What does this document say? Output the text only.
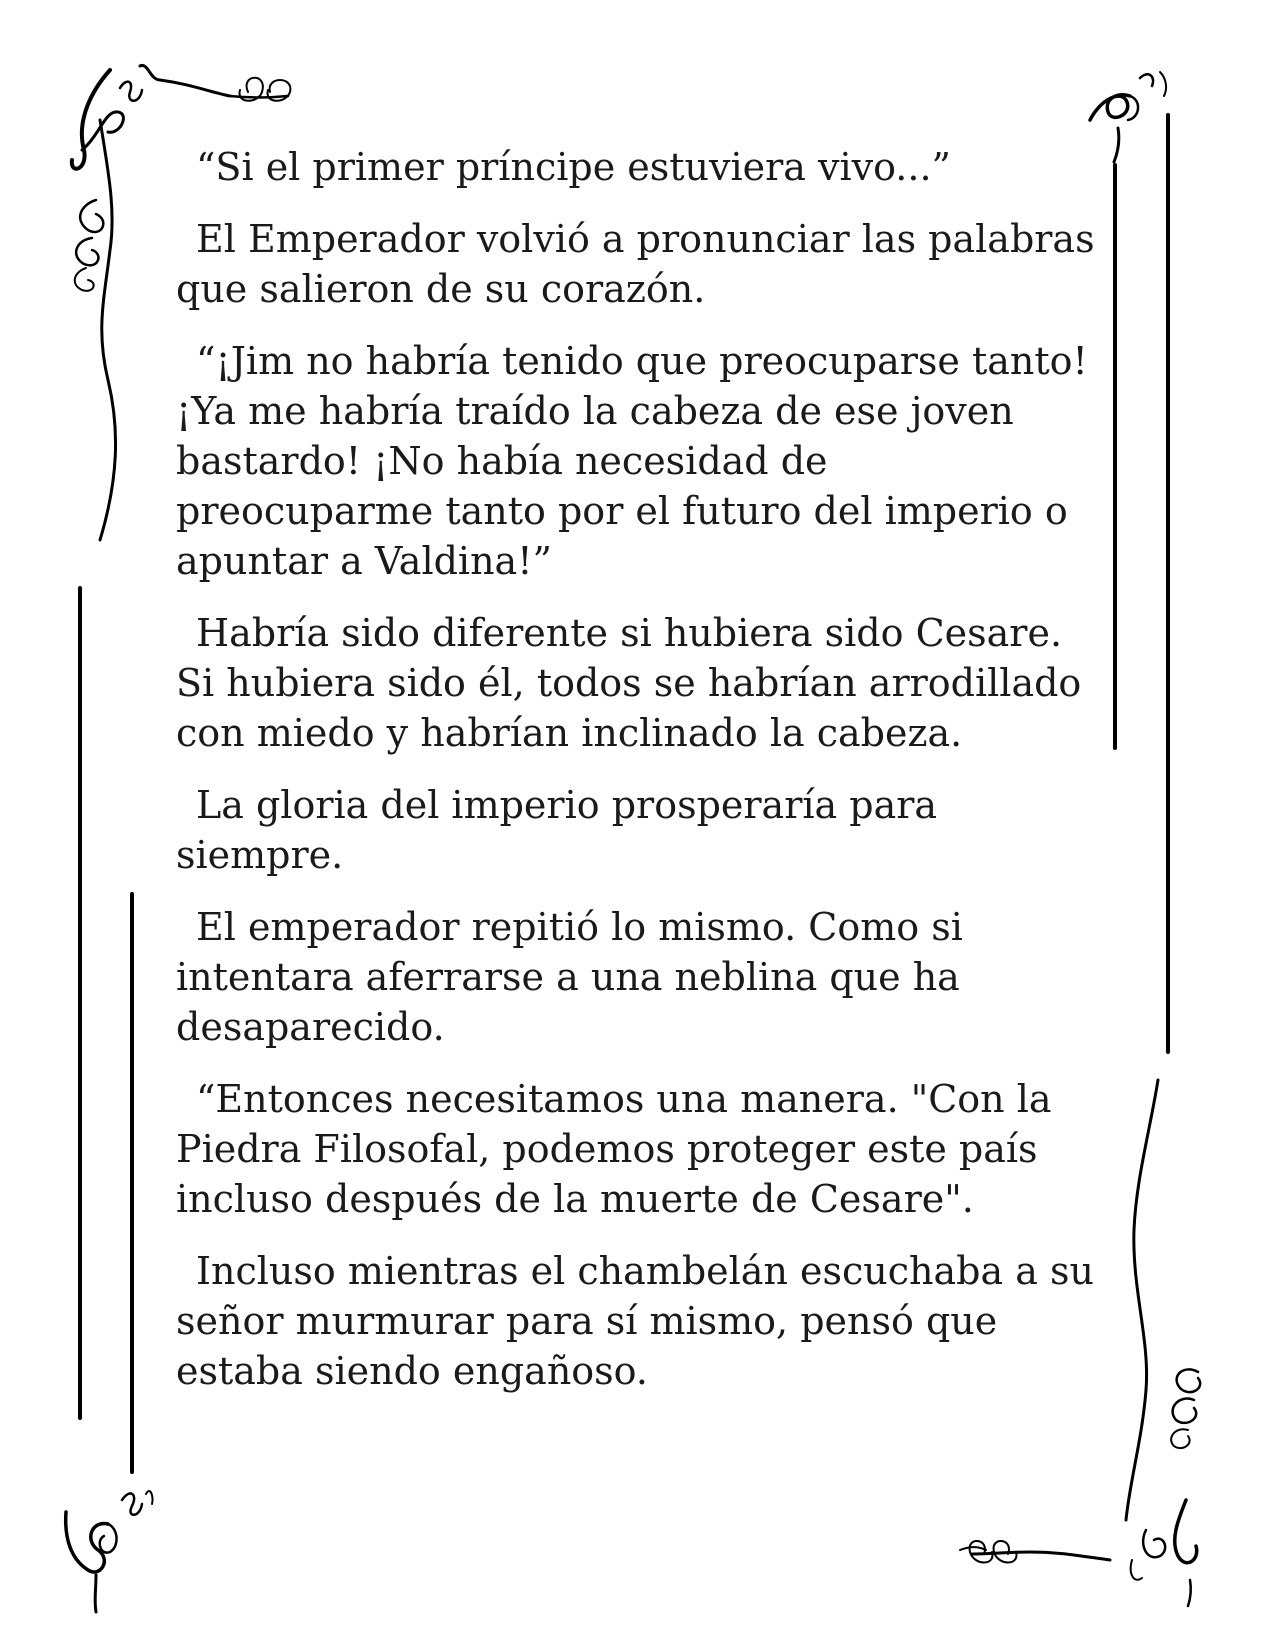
“Si el primer príncipe estuviera vivo...”

El Emperador volvió a pronunciar las palabras que salieron de su corazón.

“¡Jim no habría tenido que preocuparse tanto! ¡Ya me habría traído la cabeza de ese joven bastardo! ¡No había necesidad de preocuparme tanto por el futuro del imperio o apuntar a Valdina!”

Habría sido diferente si hubiera sido Cesare. Si hubiera sido él, todos se habrían arrodillado con miedo y habrían inclinado la cabeza.

La gloria del imperio prosperaría para siempre.

El emperador repitió lo mismo. Como si intentara aferrarse a una neblina que ha desaparecido.

“Entonces necesitamos una manera. "Con la Piedra Filosofal, podemos proteger este país incluso después de la muerte de Cesare".

Incluso mientras el chambelán escuchaba a su señor murmurar para sí mismo, pensó que estaba siendo engañoso.
